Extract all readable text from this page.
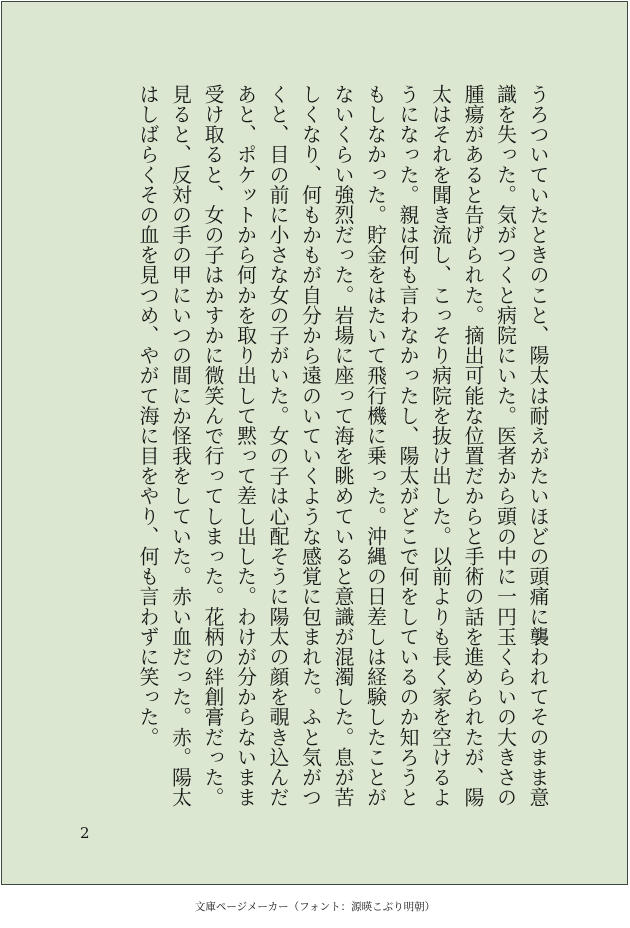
うろついていたときのこと、陽太は耐えがたいほどの頭痛に襲われてそのまま意
識を失った。気がつくと病院にいた。医者から頭の中に一円玉くらいの大きさの
腫瘍があると告げられた。摘出可能な位置だからと手術の話を進められたが、陽
太はそれを聞き流し、こっそり病院を抜け出した。以前よりも長く家を空けるよ
うになった。親は何も言わなかったし、陽太がどこで何をしているのか知ろうと
もしなかった。貯金をはたいて飛行機に乗った。沖縄の日差しは経験したことが
ないくらい強烈だった。岩場に座って海を眺めていると意識が混濁した。息が苦
しくなり、何もかもが自分から遠のいていくような感覚に包まれた。ふと気がつ
くと、目の前に小さな女の子がいた。女の子は心配そうに陽太の顔を覗き込んだ
あと、ポケットから何かを取り出して黙って差し出した。わけが分からないまま
受け取ると、女の子はかすかに微笑んで行ってしまった。花柄の絆創膏だった。
見ると、反対の手の甲にいつの間にか怪我をしていた。赤い血だった。赤。陽太
はしばらくその血を見つめ、やがて海に目をやり、何も言わずに笑った。
2
文庫ページメーカー（フォント：源暎こぶり明朝）
